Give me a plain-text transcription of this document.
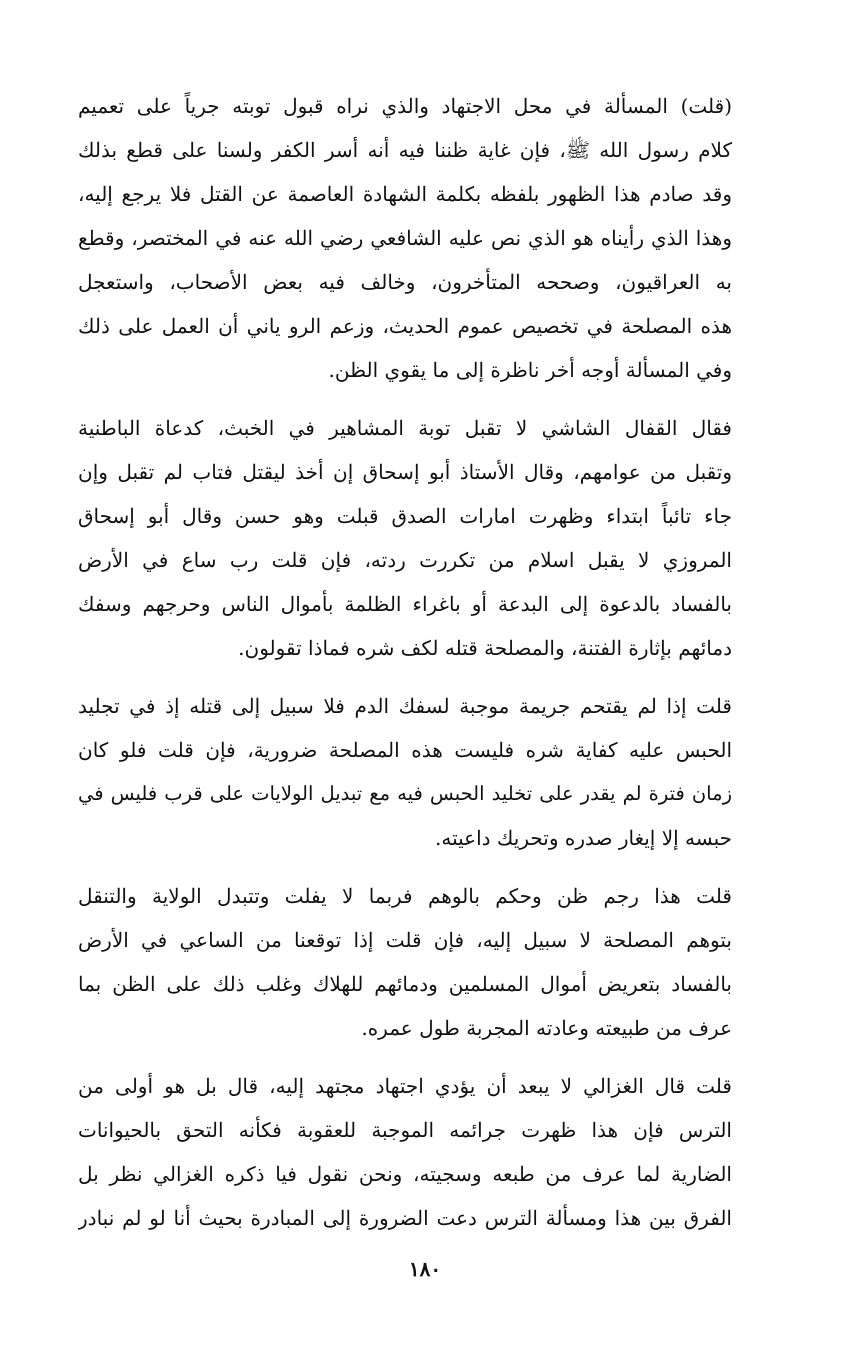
(قلت) المسألة في محل الاجتهاد والذي نراه قبول توبته جرياً على تعميم
كلام رسول الله ﷺ، فإن غاية ظننا فيه أنه أسر الكفر ولسنا على قطع بذلك
وقد صادم هذا الظهور بلفظه بكلمة الشهادة العاصمة عن القتل فلا يرجع إليه،
وهذا الذي رأيناه هو الذي نص عليه الشافعي رضي الله عنه في المختصر، وقطع
به العراقيون، وصححه المتأخرون، وخالف فيه بعض الأصحاب، واستعجل
هذه المصلحة في تخصيص عموم الحديث، وزعم الرو ياني أن العمل على ذلك
وفي المسألة أوجه أخر ناظرة إلى ما يقوي الظن.
فقال القفال الشاشي لا تقبل توبة المشاهير في الخبث، كدعاة الباطنية
وتقبل من عوامهم، وقال الأستاذ أبو إسحاق إن أخذ ليقتل فتاب لم تقبل وإن
جاء تائباً ابتداء وظهرت امارات الصدق قبلت وهو حسن وقال أبو إسحاق
المروزي لا يقبل اسلام من تكررت ردته، فإن قلت رب ساع في الأرض
بالفساد بالدعوة إلى البدعة أو باغراء الظلمة بأموال الناس وحرجهم وسفك
دمائهم بإثارة الفتنة، والمصلحة قتله لكف شره فماذا تقولون.
قلت إذا لم يقتحم جريمة موجبة لسفك الدم فلا سبيل إلى قتله إذ في تجليد
الحبس عليه كفاية شره فليست هذه المصلحة ضرورية، فإن قلت فلو كان
زمان فترة لم يقدر على تخليد الحبس فيه مع تبديل الولايات على قرب فليس في
حبسه إلا إيغار صدره وتحريك داعيته.
قلت هذا رجم ظن وحكم بالوهم فربما لا يفلت وتتبدل الولاية والتنقل
بتوهم المصلحة لا سبيل إليه، فإن قلت إذا توقعنا من الساعي في الأرض
بالفساد بتعريض أموال المسلمين ودمائهم للهلاك وغلب ذلك على الظن بما
عرف من طبيعته وعادته المجربة طول عمره.
قلت قال الغزالي لا يبعد أن يؤدي اجتهاد مجتهد إليه، قال بل هو أولى من
الترس فإن هذا ظهرت جرائمه الموجبة للعقوبة فكأنه التحق بالحيوانات
الضارية لما عرف من طبعه وسجيته، ونحن نقول فيا ذكره الغزالي نظر بل
الفرق بين هذا ومسألة الترس دعت الضرورة إلى المبادرة بحيث أنا لو لم نبادر
١٨٠
